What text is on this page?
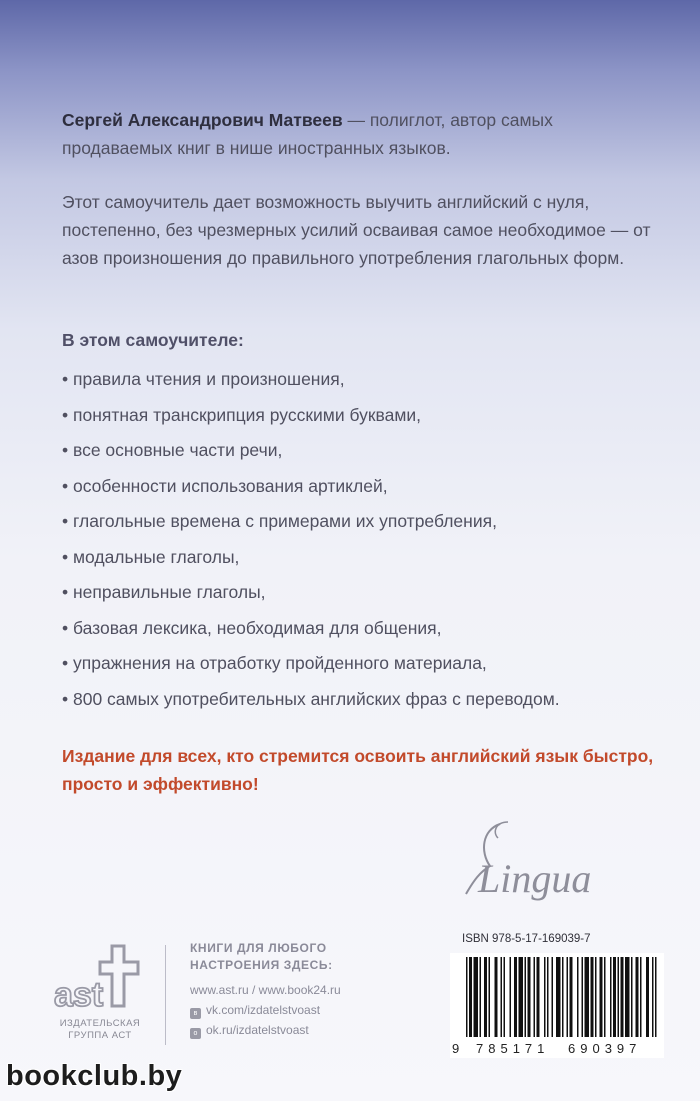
Сергей Александрович Матвеев — полиглот, автор самых продаваемых книг в нише иностранных языков.

Этот самоучитель дает возможность выучить английский с нуля, постепенно, без чрезмерных усилий осваивая самое необходимое — от азов произношения до правильного употребления глагольных форм.

В этом самоучителе:
• правила чтения и произношения,
• понятная транскрипция русскими буквами,
• все основные части речи,
• особенности использования артиклей,
• глагольные времена с примерами их употребления,
• модальные глаголы,
• неправильные глаголы,
• базовая лексика, необходимая для общения,
• упражнения на отработку пройденного материала,
• 800 самых употребительных английских фраз с переводом.
Издание для всех, кто стремится освоить английский язык быстро, просто и эффективно!
Lingua
ast
ИЗДАТЕЛЬСКАЯ
ГРУППА АСТ
КНИГИ ДЛЯ ЛЮБОГО
НАСТРОЕНИЯ ЗДЕСЬ:
www.ast.ru / www.book24.ru
в vk.com/izdatelstvoast
о ok.ru/izdatelstvoast
ISBN 978-5-17-169039-7
9 785171 690397
bookclub.by
